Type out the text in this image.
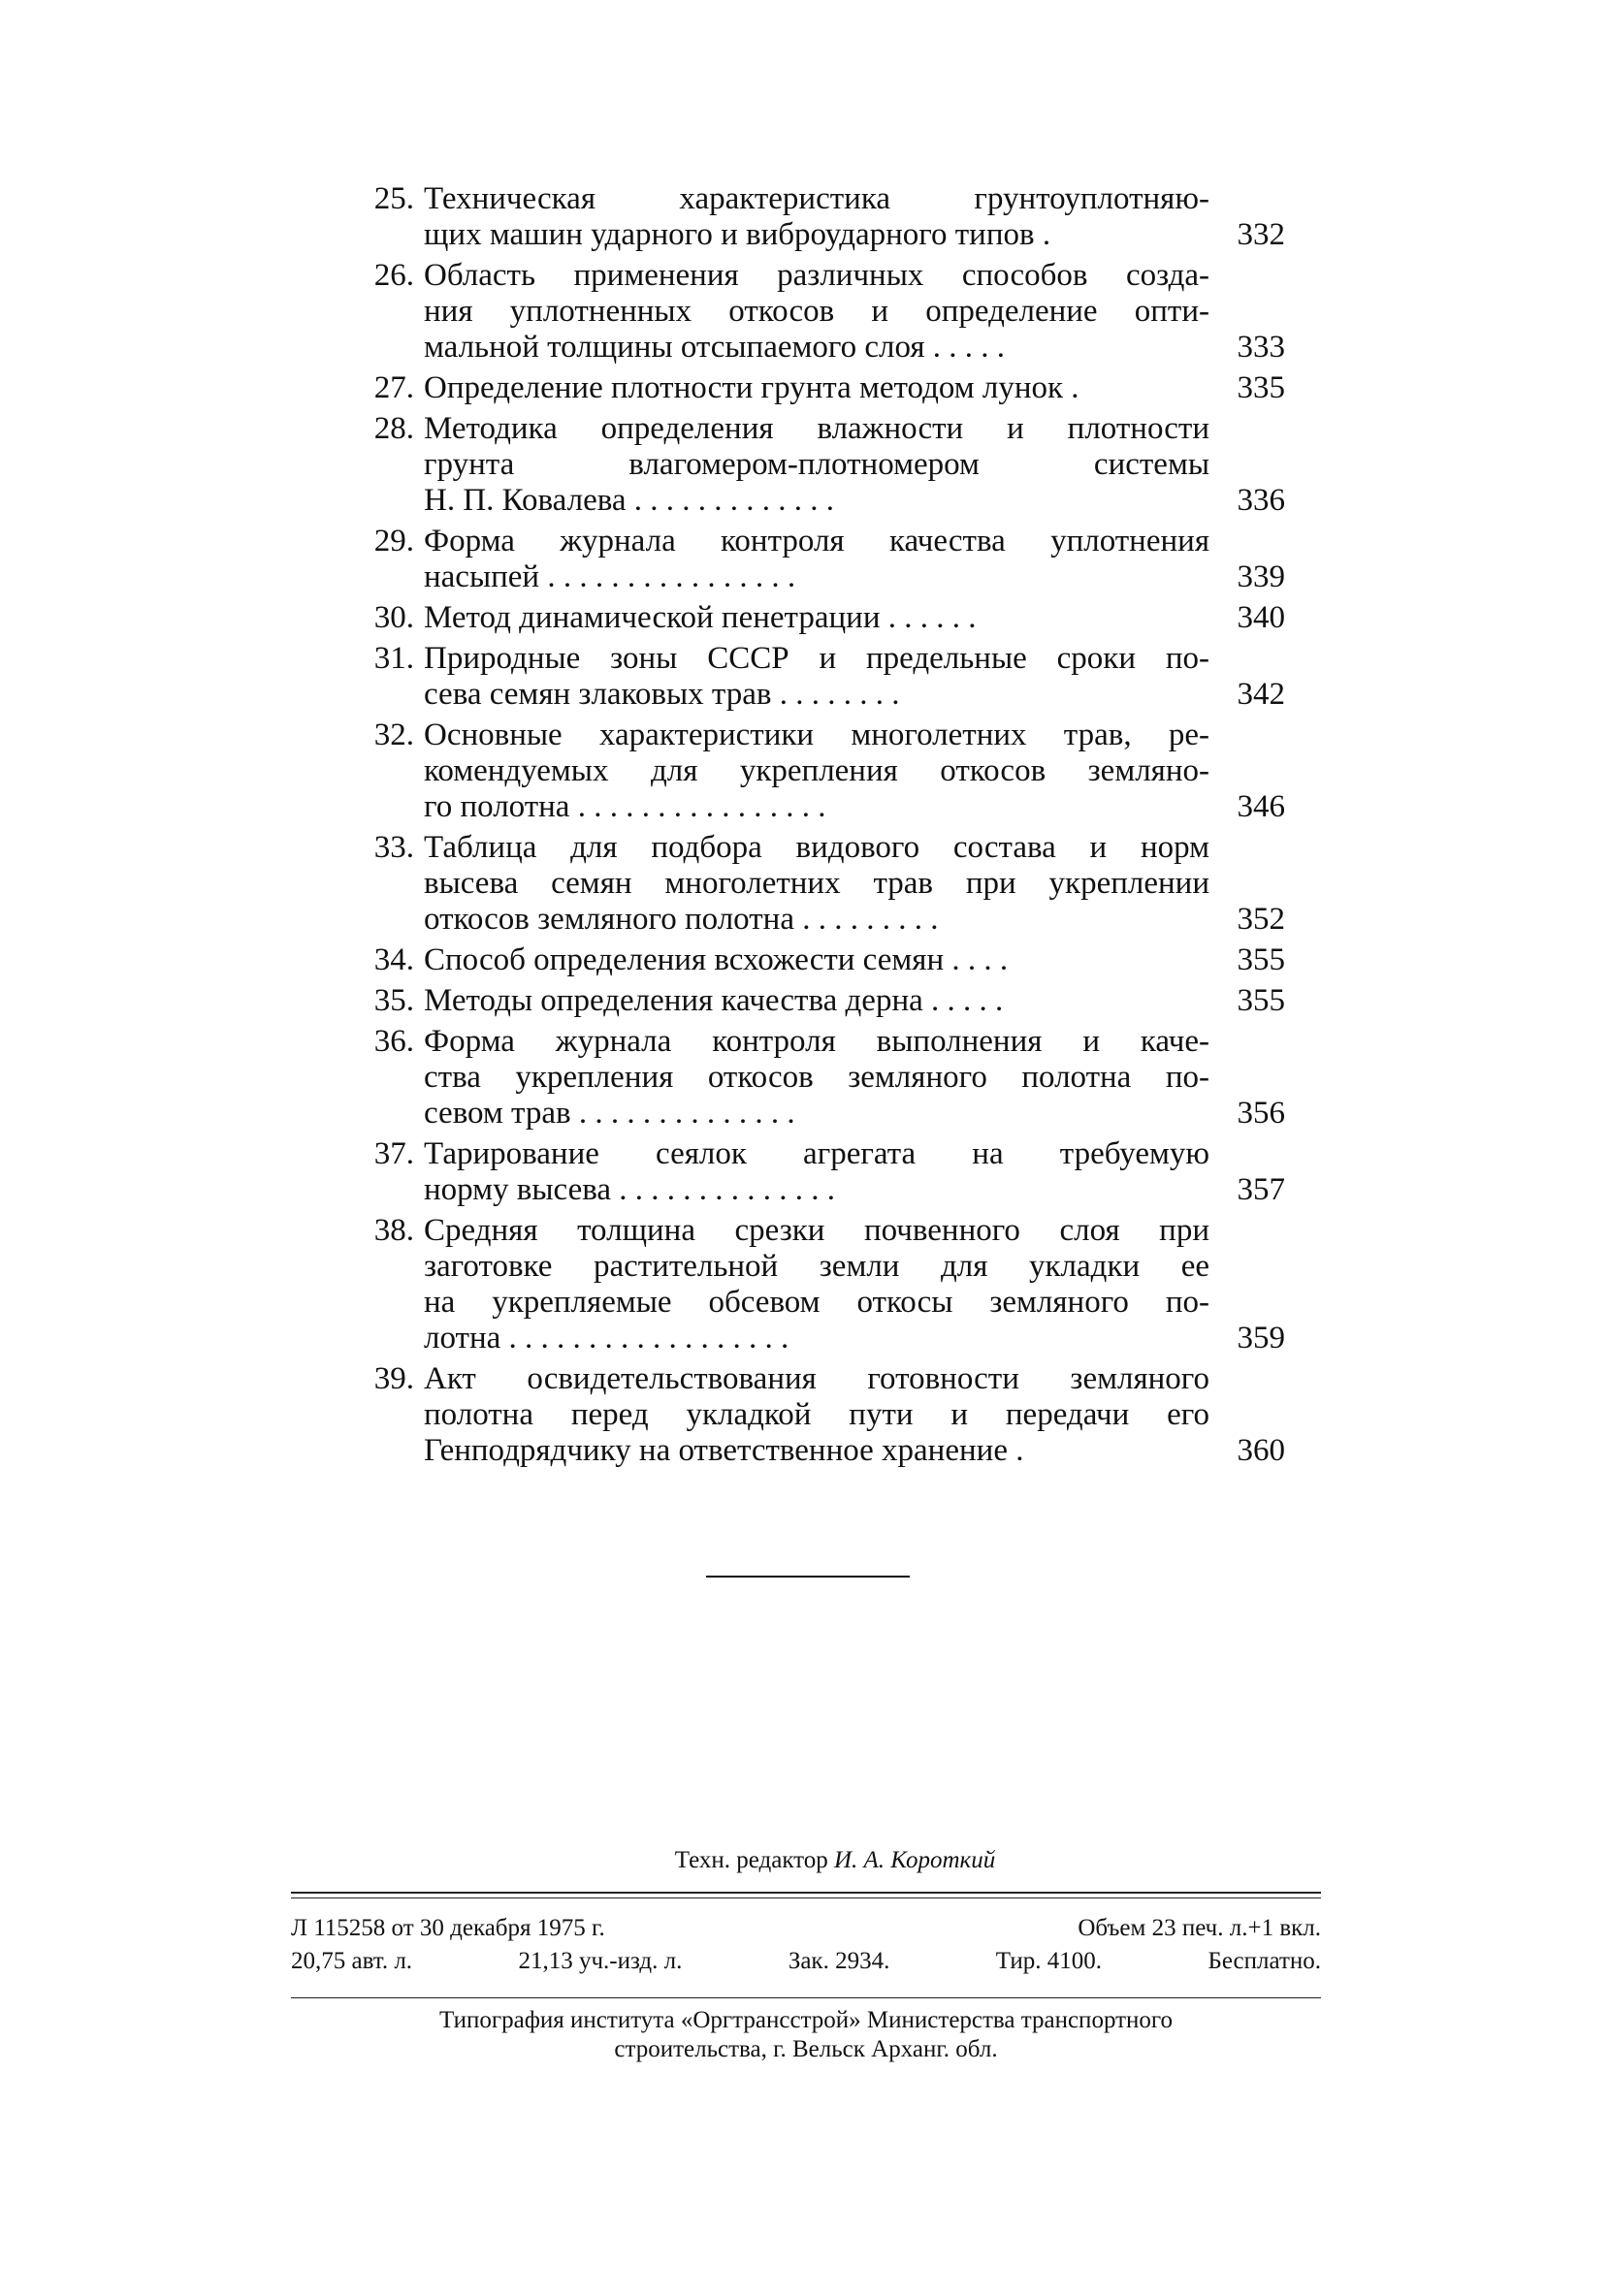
25. Техническая характеристика грунтоуплотняю-
щих машин ударного и виброударного типов .	332
26. Область применения различных способов созда-
ния уплотненных откосов и определение опти-
мальной толщины отсыпаемого слоя . . . . .	333
27. Определение плотности грунта методом лунок .	335
28. Методика определения влажности и плотности
грунта влагомером-плотномером системы
Н. П. Ковалева . . . . . . . . . . . . .	336
29. Форма журнала контроля качества уплотнения
насыпей . . . . . . . . . . . . . . . .	339
30. Метод динамической пенетрации . . . . . .	340
31. Природные зоны СССР и предельные сроки по-
сева семян злаковых трав . . . . . . . .	342
32. Основные характеристики многолетних трав, ре-
комендуемых для укрепления откосов земляно-
го полотна . . . . . . . . . . . . . . . .	346
33. Таблица для подбора видового состава и норм
высева семян многолетних трав при укреплении
откосов земляного полотна . . . . . . . . .	352
34. Способ определения всхожести семян . . . .	355
35. Методы определения качества дерна . . . . .	355
36. Форма журнала контроля выполнения и каче-
ства укрепления откосов земляного полотна по-
севом трав . . . . . . . . . . . . . .	356
37. Тарирование сеялок агрегата на требуемую
норму высева . . . . . . . . . . . . . .	357
38. Средняя толщина срезки почвенного слоя при
заготовке растительной земли для укладки ее
на укрепляемые обсевом откосы земляного по-
лотна . . . . . . . . . . . . . . . . . .	359
39. Акт освидетельствования готовности земляного
полотна перед укладкой пути и передачи его
Генподрядчику на ответственное хранение .	360
Техн. редактор И. А. Короткий
Л 115258 от 30 декабря 1975 г.	Объем 23 печ. л.+1 вкл.
20,75 авт. л.	21,13 уч.-изд. л.	Зак. 2934.	Тир. 4100.	Бесплатно.
Типография института «Оргтрансстрой» Министерства транспортного
строительства, г. Вельск Арханг. обл.
